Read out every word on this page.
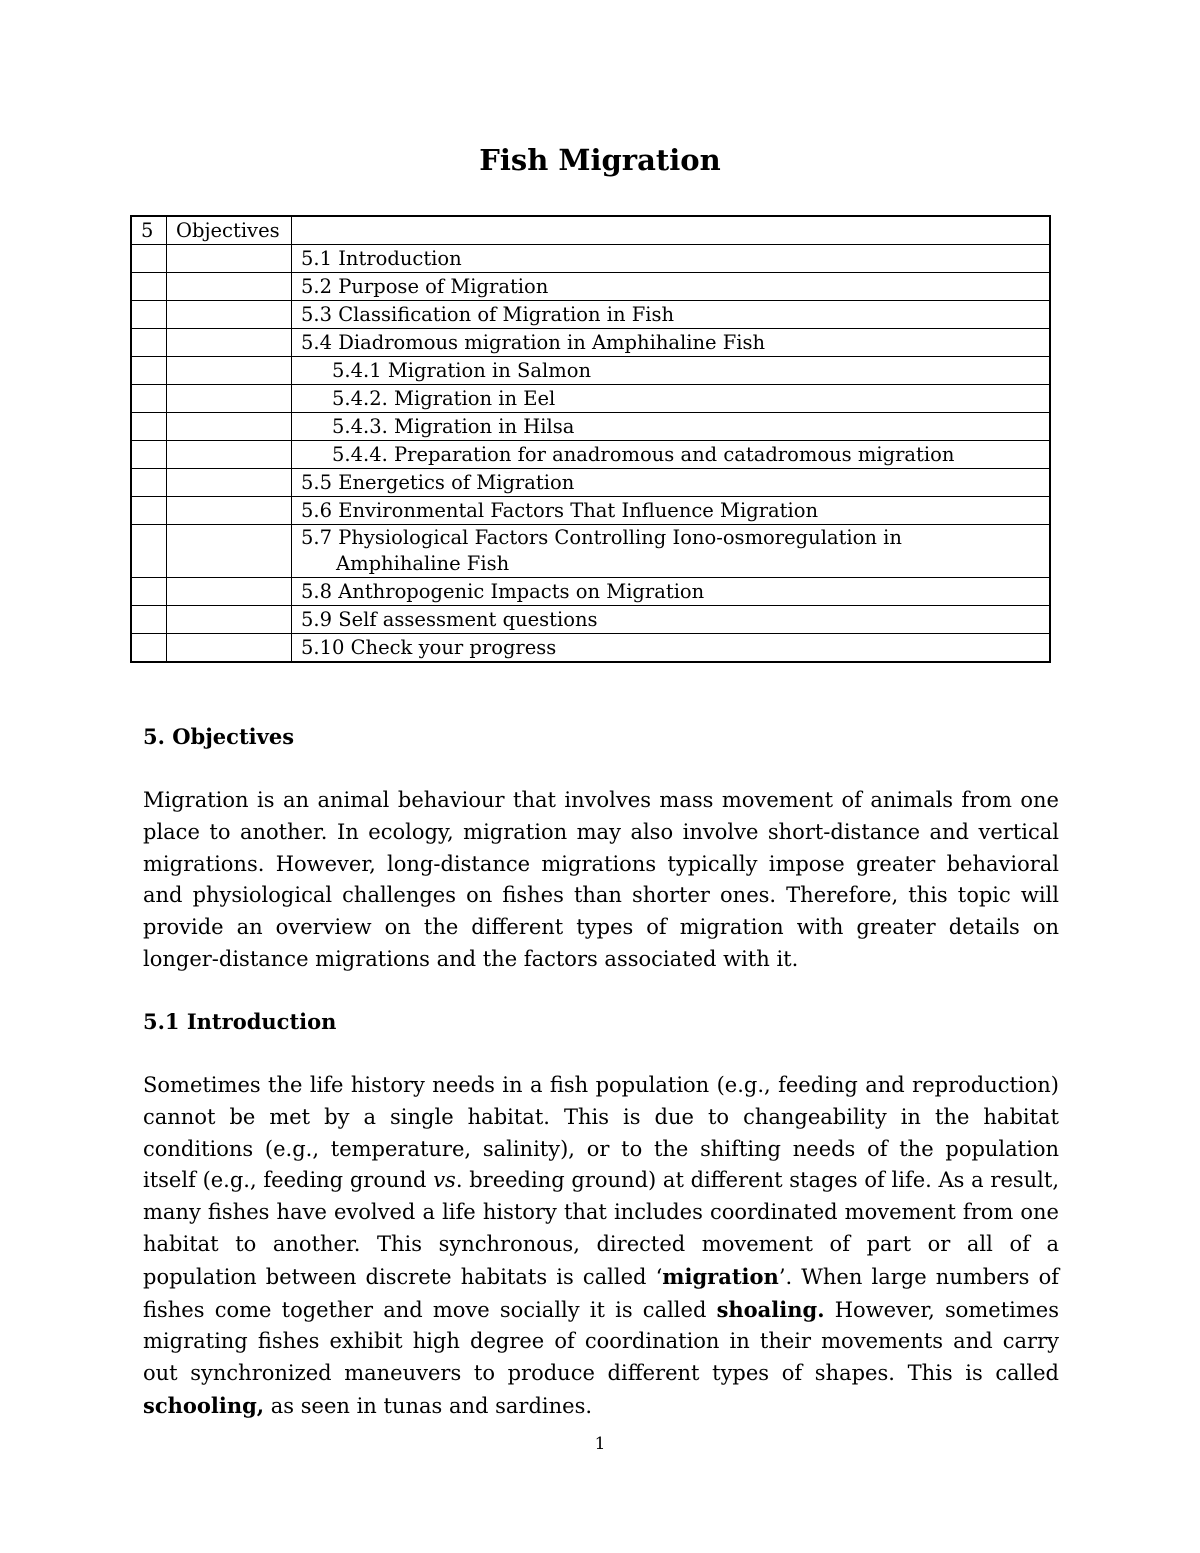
Fish Migration
5	Objectives	
		5.1 Introduction
		5.2 Purpose of Migration
		5.3 Classification of Migration in Fish
		5.4 Diadromous migration in Amphihaline Fish
		5.4.1 Migration in Salmon
		5.4.2. Migration in Eel
		5.4.3. Migration in Hilsa
		5.4.4. Preparation for anadromous and catadromous migration
		5.5 Energetics of Migration
		5.6 Environmental Factors That Influence Migration
		5.7 Physiological Factors Controlling Iono-osmoregulation in
Amphihaline Fish

		5.8 Anthropogenic Impacts on Migration
		5.9 Self assessment questions
		5.10 Check your progress
5. Objectives
Migration is an animal behaviour that involves mass movement of animals from one place to another. In ecology, migration may also involve short-distance and vertical migrations. However, long-distance migrations typically impose greater behavioral and physiological challenges on fishes than shorter ones. Therefore, this topic will provide an overview on the different types of migration with greater details on longer-distance migrations and the factors associated with it.
5.1 Introduction
Sometimes the life history needs in a fish population (e.g., feeding and reproduction) cannot be met by a single habitat. This is due to changeability in the habitat conditions (e.g., temperature, salinity), or to the shifting needs of the population itself (e.g., feeding ground vs. breeding ground) at different stages of life. As a result, many fishes have evolved a life history that includes coordinated movement from one habitat to another. This synchronous, directed movement of part or all of a population between discrete habitats is called ‘migration’. When large numbers of fishes come together and move socially it is called shoaling. However, sometimes migrating fishes exhibit high degree of coordination in their movements and carry out synchronized maneuvers to produce different types of shapes. This is called schooling, as seen in tunas and sardines.
1
